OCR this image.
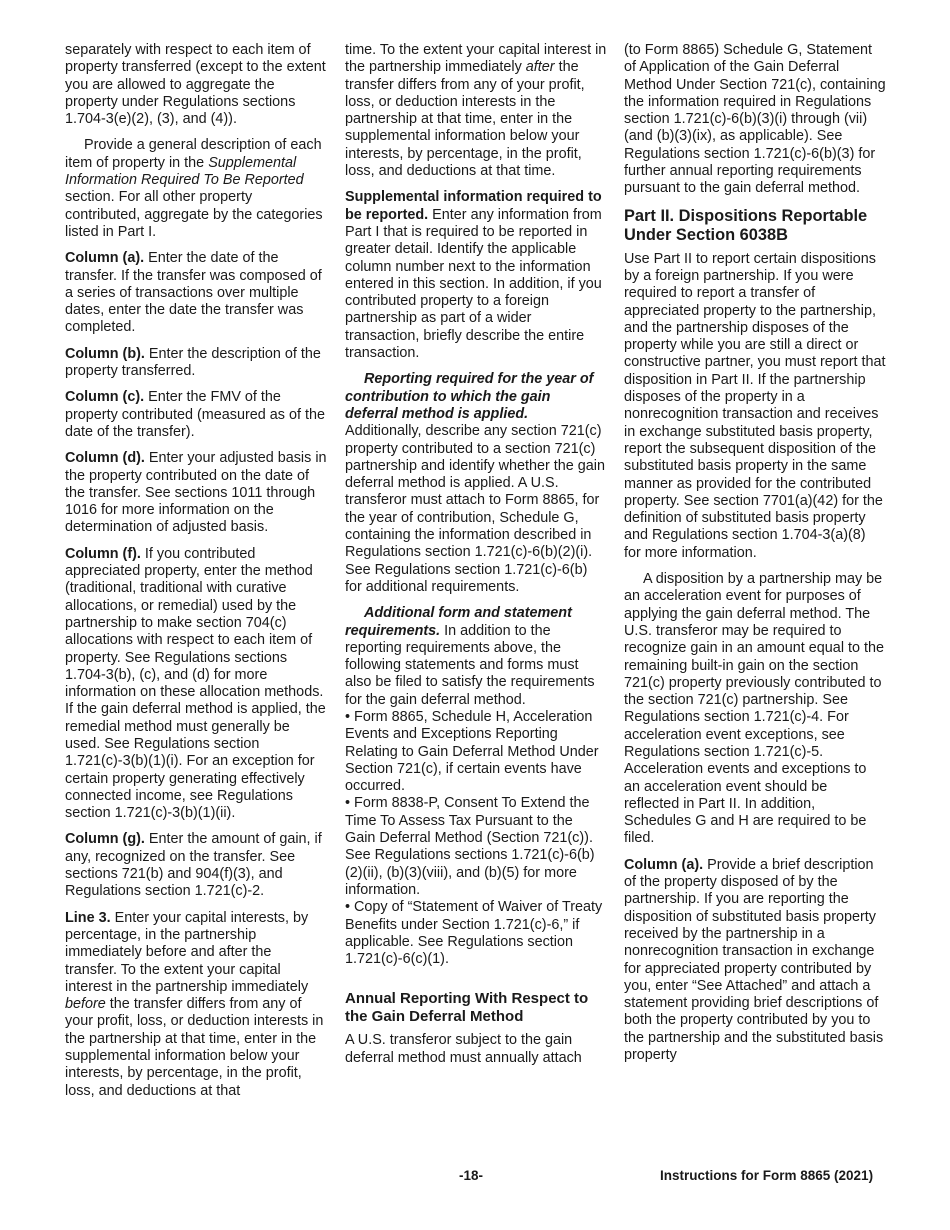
separately with respect to each item of property transferred (except to the extent you are allowed to aggregate the property under Regulations sections 1.704-3(e)(2), (3), and (4)).

Provide a general description of each item of property in the Supplemental Information Required To Be Reported section. For all other property contributed, aggregate by the categories listed in Part I.

Column (a). Enter the date of the transfer. If the transfer was composed of a series of transactions over multiple dates, enter the date the transfer was completed.

Column (b). Enter the description of the property transferred.

Column (c). Enter the FMV of the property contributed (measured as of the date of the transfer).

Column (d). Enter your adjusted basis in the property contributed on the date of the transfer. See sections 1011 through 1016 for more information on the determination of adjusted basis.

Column (f). If you contributed appreciated property, enter the method (traditional, traditional with curative allocations, or remedial) used by the partnership to make section 704(c) allocations with respect to each item of property. See Regulations sections 1.704-3(b), (c), and (d) for more information on these allocation methods. If the gain deferral method is applied, the remedial method must generally be used. See Regulations section 1.721(c)-3(b)(1)(i). For an exception for certain property generating effectively connected income, see Regulations section 1.721(c)-3(b)(1)(ii).

Column (g). Enter the amount of gain, if any, recognized on the transfer. See sections 721(b) and 904(f)(3), and Regulations section 1.721(c)-2.

Line 3. Enter your capital interests, by percentage, in the partnership immediately before and after the transfer. To the extent your capital interest in the partnership immediately before the transfer differs from any of your profit, loss, or deduction interests in the partnership at that time, enter in the supplemental information below your interests, by percentage, in the profit, loss, and deductions at that

time. To the extent your capital interest in the partnership immediately after the transfer differs from any of your profit, loss, or deduction interests in the partnership at that time, enter in the supplemental information below your interests, by percentage, in the profit, loss, and deductions at that time.

Supplemental information required to be reported. Enter any information from Part I that is required to be reported in greater detail. Identify the applicable column number next to the information entered in this section. In addition, if you contributed property to a foreign partnership as part of a wider transaction, briefly describe the entire transaction.

Reporting required for the year of contribution to which the gain deferral method is applied. Additionally, describe any section 721(c) property contributed to a section 721(c) partnership and identify whether the gain deferral method is applied. A U.S. transferor must attach to Form 8865, for the year of contribution, Schedule G, containing the information described in Regulations section 1.721(c)-6(b)(2)(i). See Regulations section 1.721(c)-6(b) for additional requirements.

Additional form and statement requirements. In addition to the reporting requirements above, the following statements and forms must also be filed to satisfy the requirements for the gain deferral method.

• Form 8865, Schedule H, Acceleration Events and Exceptions Reporting Relating to Gain Deferral Method Under Section 721(c), if certain events have occurred.

• Form 8838-P, Consent To Extend the Time To Assess Tax Pursuant to the Gain Deferral Method (Section 721(c)). See Regulations sections 1.721(c)-6(b)(2)(ii), (b)(3)(viii), and (b)(5) for more information.

• Copy of “Statement of Waiver of Treaty Benefits under Section 1.721(c)-6,” if applicable. See Regulations section 1.721(c)-6(c)(1).

Annual Reporting With Respect to the Gain Deferral Method

A U.S. transferor subject to the gain deferral method must annually attach

(to Form 8865) Schedule G, Statement of Application of the Gain Deferral Method Under Section 721(c), containing the information required in Regulations section 1.721(c)-6(b)(3)(i) through (vii) (and (b)(3)(ix), as applicable). See Regulations section 1.721(c)-6(b)(3) for further annual reporting requirements pursuant to the gain deferral method.

Part II. Dispositions Reportable Under Section 6038B

Use Part II to report certain dispositions by a foreign partnership. If you were required to report a transfer of appreciated property to the partnership, and the partnership disposes of the property while you are still a direct or constructive partner, you must report that disposition in Part II. If the partnership disposes of the property in a nonrecognition transaction and receives in exchange substituted basis property, report the subsequent disposition of the substituted basis property in the same manner as provided for the contributed property. See section 7701(a)(42) for the definition of substituted basis property and Regulations section 1.704-3(a)(8) for more information.

A disposition by a partnership may be an acceleration event for purposes of applying the gain deferral method. The U.S. transferor may be required to recognize gain in an amount equal to the remaining built-in gain on the section 721(c) property previously contributed to the section 721(c) partnership. See Regulations section 1.721(c)-4. For acceleration event exceptions, see Regulations section 1.721(c)-5. Acceleration events and exceptions to an acceleration event should be reflected in Part II. In addition, Schedules G and H are required to be filed.

Column (a). Provide a brief description of the property disposed of by the partnership. If you are reporting the disposition of substituted basis property received by the partnership in a nonrecognition transaction in exchange for appreciated property contributed by you, enter “See Attached” and attach a statement providing brief descriptions of both the property contributed by you to the partnership and the substituted basis property

-18-	Instructions for Form 8865 (2021)
